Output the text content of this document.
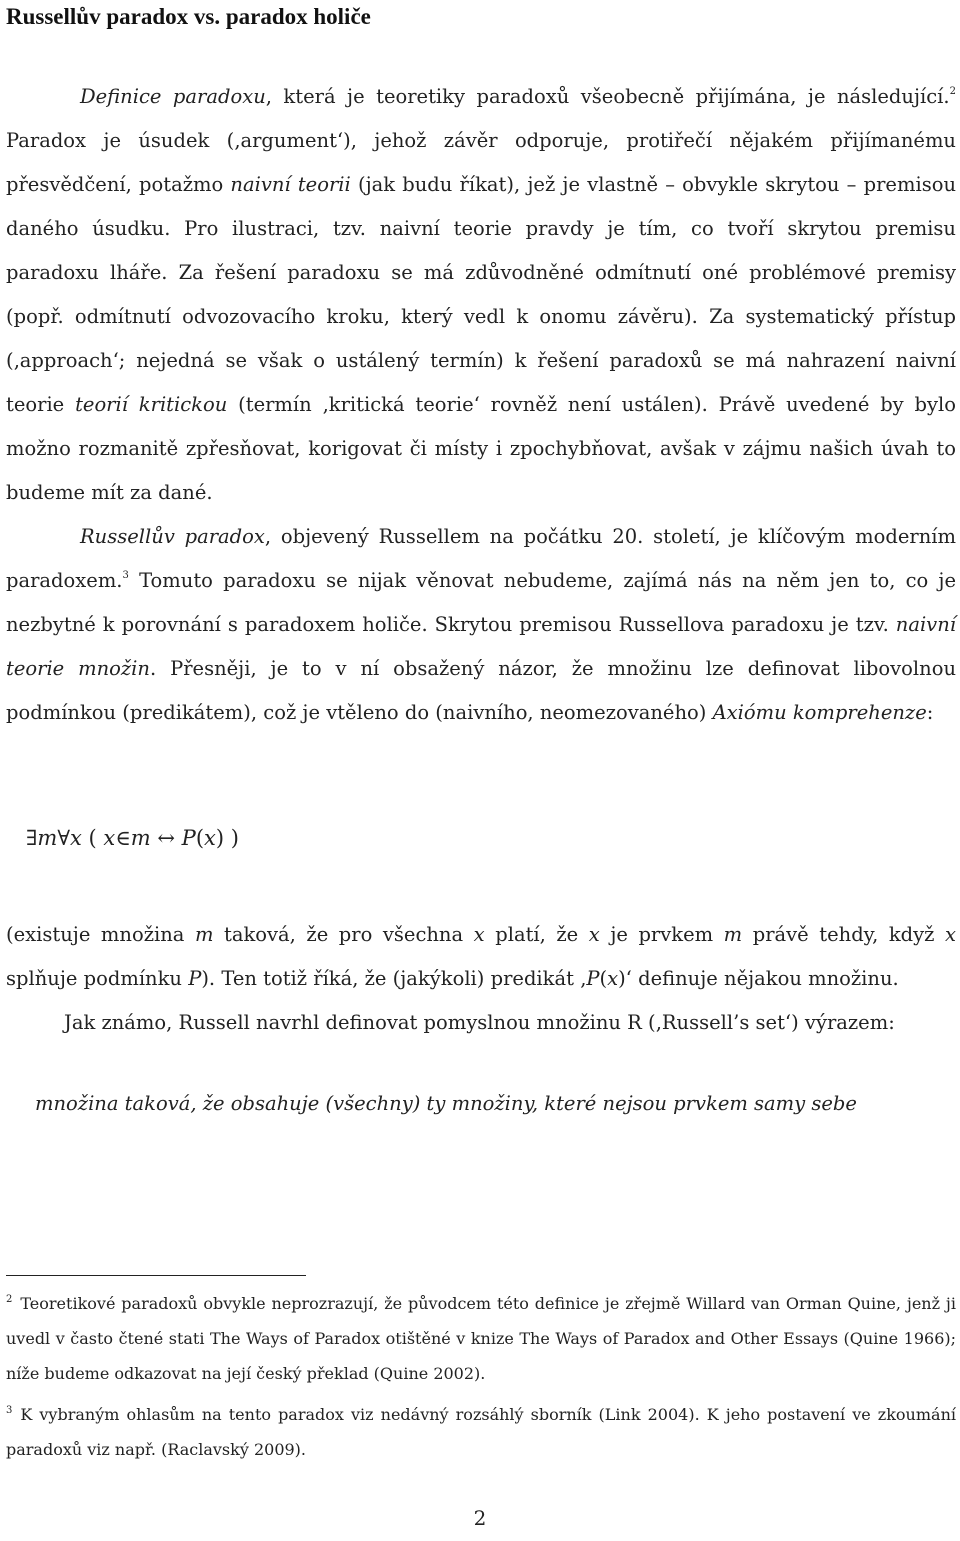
Russellův paradox vs. paradox holiče

Definice paradoxu, která je teoretiky paradoxů všeobecně přijímána, je následující.$^2$ Paradox je úsudek (‚argument‘), jehož závěr odporuje, protiřečí nějakém přijímanému přesvědčení, potažmo naivní teorii (jak budu říkat), jež je vlastně – obvykle skrytou – premisou daného úsudku. Pro ilustraci, tzv. naivní teorie pravdy je tím, co tvoří skrytou premisu paradoxu lháře. Za řešení paradoxu se má zdůvodněné odmítnutí oné problémové premisy (popř. odmítnutí odvozovacího kroku, který vedl k onomu závěru). Za systematický přístup (‚approach‘; nejedná se však o ustálený termín) k řešení paradoxů se má nahrazení naivní teorie teorií kritickou (termín ‚kritická teorie‘ rovněž není ustálen). Právě uvedené by bylo možno rozmanitě zpřesňovat, korigovat či místy i zpochybňovat, avšak v zájmu našich úvah to budeme mít za dané.

Russellův paradox, objevený Russellem na počátku 20. století, je klíčovým moderním paradoxem.$^3$ Tomuto paradoxu se nijak věnovat nebudeme, zajímá nás na něm jen to, co je nezbytné k porovnání s paradoxem holiče. Skrytou premisou Russellova paradoxu je tzv. naivní teorie množin. Přesněji, je to v ní obsažený názor, že množinu lze definovat libovolnou podmínkou (predikátem), což je vtěleno do (naivního, neomezovaného) Axiómu komprehenze:

∃m∀x ( x∈m ↔ P(x) )

(existuje množina m taková, že pro všechna x platí, že x je prvkem m právě tehdy, když x splňuje podmínku P). Ten totiž říká, že (jakýkoli) predikát ‚P(x)‘ definuje nějakou množinu.

Jak známo, Russell navrhl definovat pomyslnou množinu R (‚Russell’s set‘) výrazem:

množina taková, že obsahuje (všechny) ty množiny, které nejsou prvkem samy sebe

$^2$ Teoretikové paradoxů obvykle neprozrazují, že původcem této definice je zřejmě Willard van Orman Quine, jenž ji uvedl v často čtené stati The Ways of Paradox otištěné v knize The Ways of Paradox and Other Essays (Quine 1966); níže budeme odkazovat na její český překlad (Quine 2002).

$^3$ K vybraným ohlasům na tento paradox viz nedávný rozsáhlý sborník (Link 2004). K jeho postavení ve zkoumání paradoxů viz např. (Raclavský 2009).

2
